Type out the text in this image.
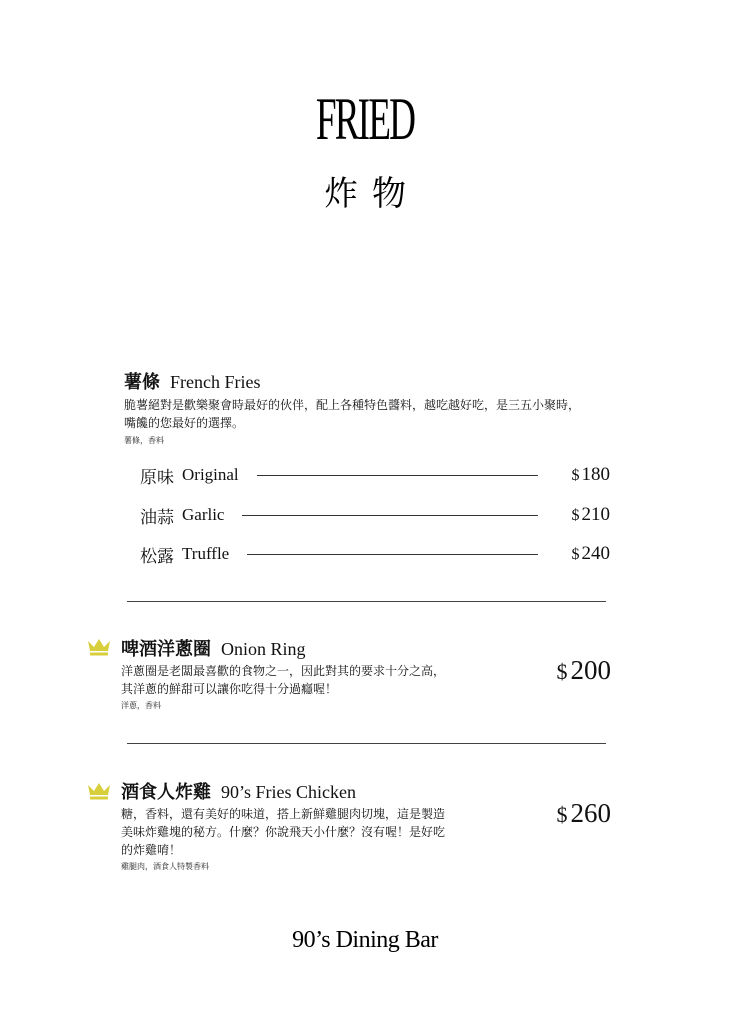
FRIED
炸物
薯條 French Fries
脆薯絕對是歡樂聚會時最好的伙伴，配上各種特色醬料，越吃越好吃，是三五小聚時，
嘴饞的您最好的選擇。
薯條，香料
原味 Original	$ 180
油蒜 Garlic	$ 210
松露 Truffle	$ 240
啤酒洋蔥圈 Onion Ring
洋蔥圈是老闆最喜歡的食物之一，因此對其的要求十分之高，
其洋蔥的鮮甜可以讓你吃得十分過癮喔！
洋蔥，香料
$ 200
酒食人炸雞 90’s Fries Chicken
糖，香料，還有美好的味道，搭上新鮮雞腿肉切塊，這是製造
美味炸雞塊的秘方。什麼？你說飛天小什麼？沒有喔！是好吃
的炸雞唷！
雞腿肉，酒食人特製香料
$ 260
90’s Dining Bar
